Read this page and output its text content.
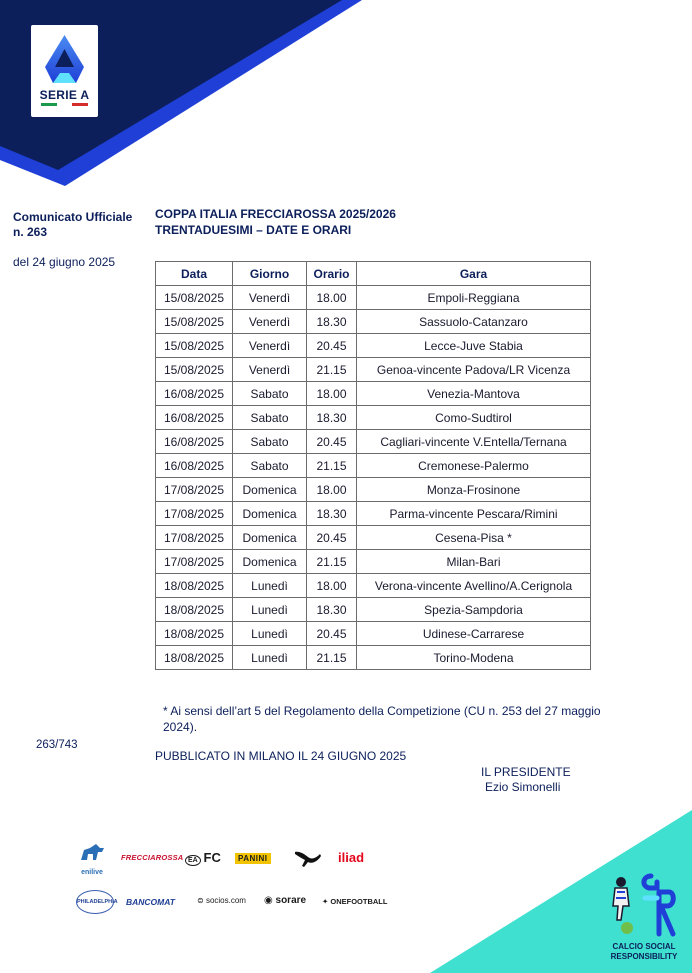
SERIE A
Comunicato Ufficiale n. 263
del 24 giugno 2025
263/743
COPPA ITALIA FRECCIAROSSA 2025/2026
TRENTADUESIMI – DATE E ORARI
Data	Giorno	Orario	Gara
15/08/2025	Venerdì	18.00	Empoli-Reggiana
15/08/2025	Venerdì	18.30	Sassuolo-Catanzaro
15/08/2025	Venerdì	20.45	Lecce-Juve Stabia
15/08/2025	Venerdì	21.15	Genoa-vincente Padova/LR Vicenza
16/08/2025	Sabato	18.00	Venezia-Mantova
16/08/2025	Sabato	18.30	Como-Sudtirol
16/08/2025	Sabato	20.45	Cagliari-vincente V.Entella/Ternana
16/08/2025	Sabato	21.15	Cremonese-Palermo
17/08/2025	Domenica	18.00	Monza-Frosinone
17/08/2025	Domenica	18.30	Parma-vincente Pescara/Rimini
17/08/2025	Domenica	20.45	Cesena-Pisa *
17/08/2025	Domenica	21.15	Milan-Bari
18/08/2025	Lunedì	18.00	Verona-vincente Avellino/A.Cerignola
18/08/2025	Lunedì	18.30	Spezia-Sampdoria
18/08/2025	Lunedì	20.45	Udinese-Carrarese
18/08/2025	Lunedì	21.15	Torino-Modena
* Ai sensi dell’art 5 del Regolamento della Competizione (CU n. 253 del 27 maggio 2024).
PUBBLICATO IN MILANO IL 24 GIUGNO 2025
IL PRESIDENTE
Ezio Simonelli
enilive
FRECCIAROSSA EA FC	PANINI	iliad
PHILADELPHIA BANCOMAT	⊜ socios.com ◉ sorare ✦ ONEFOOTBALL
CALCIO SOCIAL
RESPONSIBILITY
